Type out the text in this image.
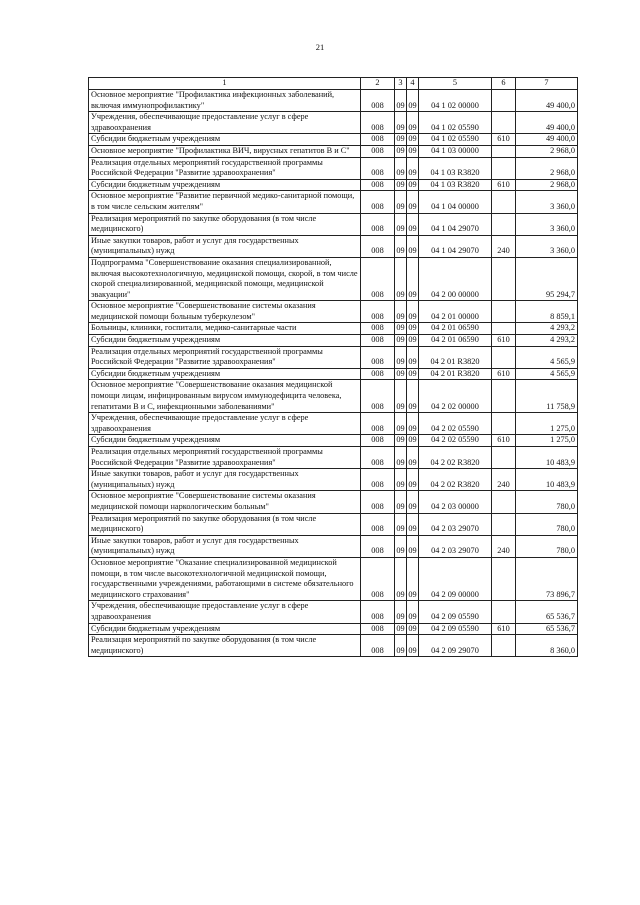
21
1	2	3	4	5	6	7
Основное мероприятие "Профилактика инфекционных заболеваний, включая иммунопрофилактику"	008	09	09	04 1 02 00000		49 400,0
Учреждения, обеспечивающие предоставление услуг в сфере здравоохранения	008	09	09	04 1 02 05590		49 400,0
Субсидии бюджетным учреждениям	008	09	09	04 1 02 05590	610	49 400,0
Основное мероприятие "Профилактика ВИЧ, вирусных гепатитов В и С"	008	09	09	04 1 03 00000		2 968,0
Реализация отдельных мероприятий государственной программы Российской Федерации "Развитие здравоохранения"	008	09	09	04 1 03 R3820		2 968,0
Субсидии бюджетным учреждениям	008	09	09	04 1 03 R3820	610	2 968,0
Основное мероприятие "Развитие первичной медико-санитарной помощи, в том числе сельским жителям"	008	09	09	04 1 04 00000		3 360,0
Реализация мероприятий по закупке оборудования (в том числе медицинского)	008	09	09	04 1 04 29070		3 360,0
Иные закупки товаров, работ и услуг для государственных (муниципальных) нужд	008	09	09	04 1 04 29070	240	3 360,0
Подпрограмма "Совершенствование оказания специализированной, включая высокотехнологичную, медицинской помощи, скорой, в том числе скорой специализированной, медицинской помощи, медицинской эвакуации"	008	09	09	04 2 00 00000		95 294,7
Основное мероприятие "Совершенствование системы оказания медицинской помощи больным туберкулезом"	008	09	09	04 2 01 00000		8 859,1
Больницы, клиники, госпитали, медико-санитарные части	008	09	09	04 2 01 06590		4 293,2
Субсидии бюджетным учреждениям	008	09	09	04 2 01 06590	610	4 293,2
Реализация отдельных мероприятий государственной программы Российской Федерации "Развитие здравоохранения"	008	09	09	04 2 01 R3820		4 565,9
Субсидии бюджетным учреждениям	008	09	09	04 2 01 R3820	610	4 565,9
Основное мероприятие "Совершенствование оказания медицинской помощи лицам, инфицированным вирусом иммунодефицита человека, гепатитами В и С, инфекционными заболеваниями"	008	09	09	04 2 02 00000		11 758,9
Учреждения, обеспечивающие предоставление услуг в сфере здравоохранения	008	09	09	04 2 02 05590		1 275,0
Субсидии бюджетным учреждениям	008	09	09	04 2 02 05590	610	1 275,0
Реализация отдельных мероприятий государственной программы Российской Федерации "Развитие здравоохранения"	008	09	09	04 2 02 R3820		10 483,9
Иные закупки товаров, работ и услуг для государственных (муниципальных) нужд	008	09	09	04 2 02 R3820	240	10 483,9
Основное мероприятие "Совершенствование системы оказания медицинской помощи наркологическим больным"	008	09	09	04 2 03 00000		780,0
Реализация мероприятий по закупке оборудования (в том числе медицинского)	008	09	09	04 2 03 29070		780,0
Иные закупки товаров, работ и услуг для государственных (муниципальных) нужд	008	09	09	04 2 03 29070	240	780,0
Основное мероприятие "Оказание специализированной медицинской помощи, в том числе высокотехнологичной медицинской помощи, государственными учреждениями, работающими в системе обязательного медицинского страхования"	008	09	09	04 2 09 00000		73 896,7
Учреждения, обеспечивающие предоставление услуг в сфере здравоохранения	008	09	09	04 2 09 05590		65 536,7
Субсидии бюджетным учреждениям	008	09	09	04 2 09 05590	610	65 536,7
Реализация мероприятий по закупке оборудования (в том числе медицинского)	008	09	09	04 2 09 29070		8 360,0
